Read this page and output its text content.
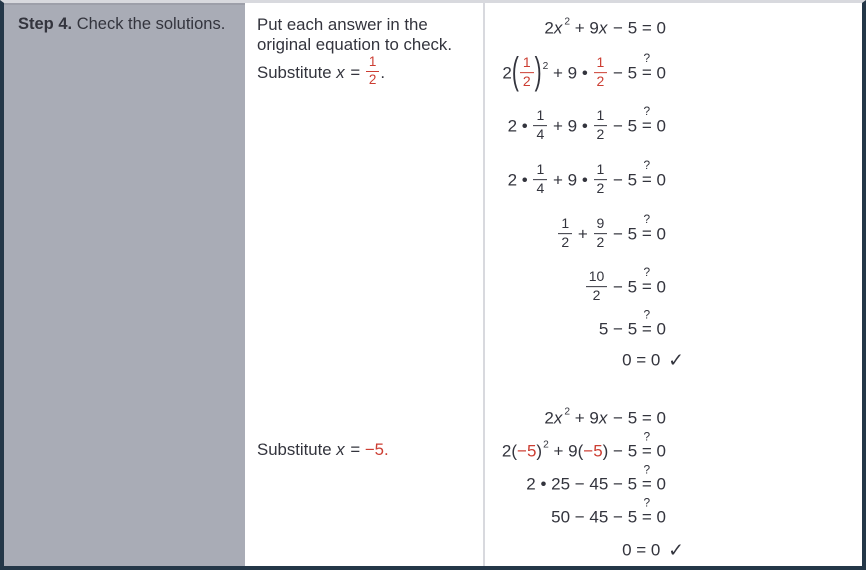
Step 4. Check the solutions.	Put each answer in the original equation to check.

Substitute $x = \frac{1}{2}$ .

Substitute x = −5.

2x $^2$ + 9x − 5 = 0
$2( \frac{1}{2} )^2 + 9$ • $\frac{1}{2} - 5$
?
= 0
2 • $\frac{1}{4} + 9$ • $\frac{1}{2} - 5$
?
= 0
2 • $\frac{1}{4} + 9$ • $\frac{1}{2} - 5$
?
= 0
$\frac{1}{2} + \frac{9}{2} - 5$
?
= 0
$\frac{10}{2} - 5$
?
= 0
5 − 5
?
= 0
0 = 0 ✓
2x $^2$ + 9x − 5 = 0
$2(-5)^2 + 9(-5) - 5$
?
= 0
2 • 25 − 45 − 5
?
= 0
50 − 45 − 5
?
= 0
0 = 0 ✓
